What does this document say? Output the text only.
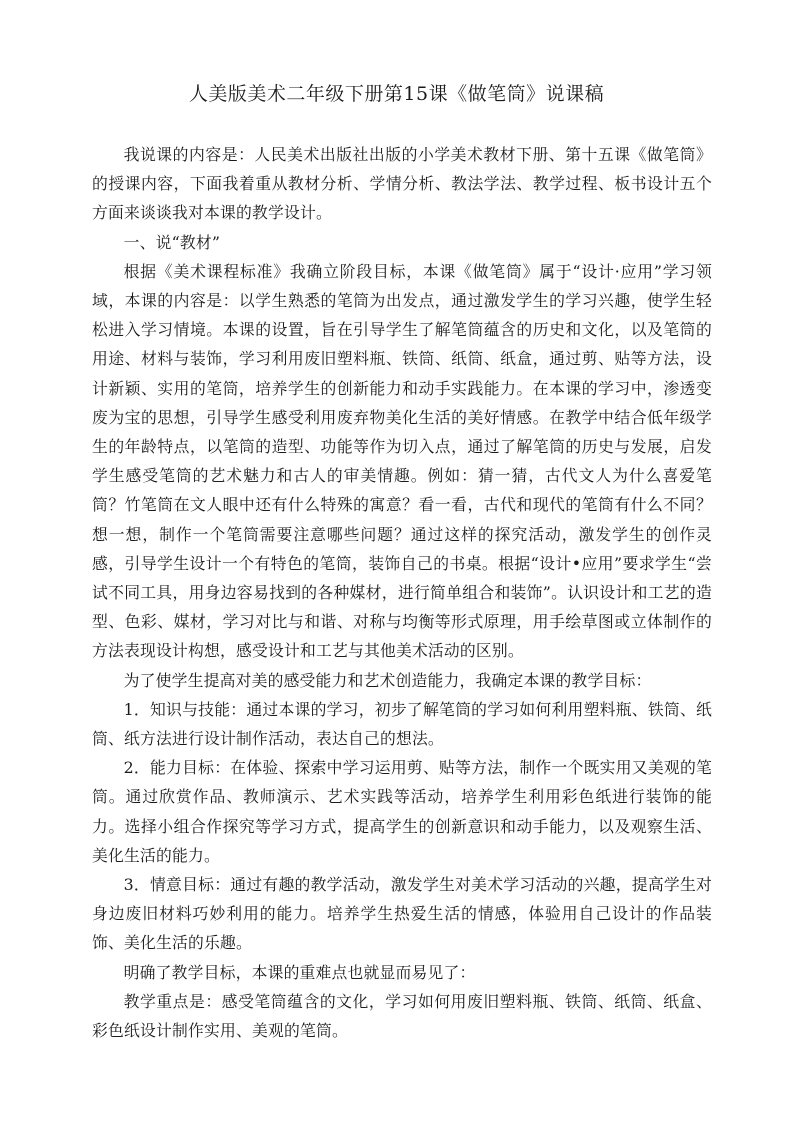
人美版美术二年级下册第15课《做笔筒》说课稿

我说课的内容是：人民美术出版社出版的小学美术教材下册、第十五课《做笔筒》的授课内容，下面我着重从教材分析、学情分析、教法学法、教学过程、板书设计五个方面来谈谈我对本课的教学设计。

一、说“教材”

根据《美术课程标准》我确立阶段目标，本课《做笔筒》属于“设计·应用”学习领域，本课的内容是：以学生熟悉的笔筒为出发点，通过激发学生的学习兴趣，使学生轻松进入学习情境。本课的设置，旨在引导学生了解笔筒蕴含的历史和文化，以及笔筒的用途、材料与装饰，学习利用废旧塑料瓶、铁筒、纸筒、纸盒，通过剪、贴等方法，设计新颖、实用的笔筒，培养学生的创新能力和动手实践能力。在本课的学习中，渗透变废为宝的思想，引导学生感受利用废弃物美化生活的美好情感。在教学中结合低年级学生的年龄特点，以笔筒的造型、功能等作为切入点，通过了解笔筒的历史与发展，启发学生感受笔筒的艺术魅力和古人的审美情趣。例如：猜一猜，古代文人为什么喜爱笔筒？竹笔筒在文人眼中还有什么特殊的寓意？看一看，古代和现代的笔筒有什么不同？想一想，制作一个笔筒需要注意哪些问题？通过这样的探究活动，激发学生的创作灵感，引导学生设计一个有特色的笔筒，装饰自己的书桌。根据“设计•应用”要求学生“尝试不同工具，用身边容易找到的各种媒材，进行简单组合和装饰”。认识设计和工艺的造型、色彩、媒材，学习对比与和谐、对称与均衡等形式原理，用手绘草图或立体制作的方法表现设计构想，感受设计和工艺与其他美术活动的区别。

为了使学生提高对美的感受能力和艺术创造能力，我确定本课的教学目标：

1．知识与技能：通过本课的学习，初步了解笔筒的学习如何利用塑料瓶、铁筒、纸筒、纸方法进行设计制作活动，表达自己的想法。

2．能力目标：在体验、探索中学习运用剪、贴等方法，制作一个既实用又美观的笔筒。通过欣赏作品、教师演示、艺术实践等活动，培养学生利用彩色纸进行装饰的能力。选择小组合作探究等学习方式，提高学生的创新意识和动手能力，以及观察生活、美化生活的能力。

3．情意目标：通过有趣的教学活动，激发学生对美术学习活动的兴趣，提高学生对身边废旧材料巧妙利用的能力。培养学生热爱生活的情感，体验用自己设计的作品装饰、美化生活的乐趣。

明确了教学目标，本课的重难点也就显而易见了：

教学重点是：感受笔筒蕴含的文化，学习如何用废旧塑料瓶、铁筒、纸筒、纸盒、彩色纸设计制作实用、美观的笔筒。
